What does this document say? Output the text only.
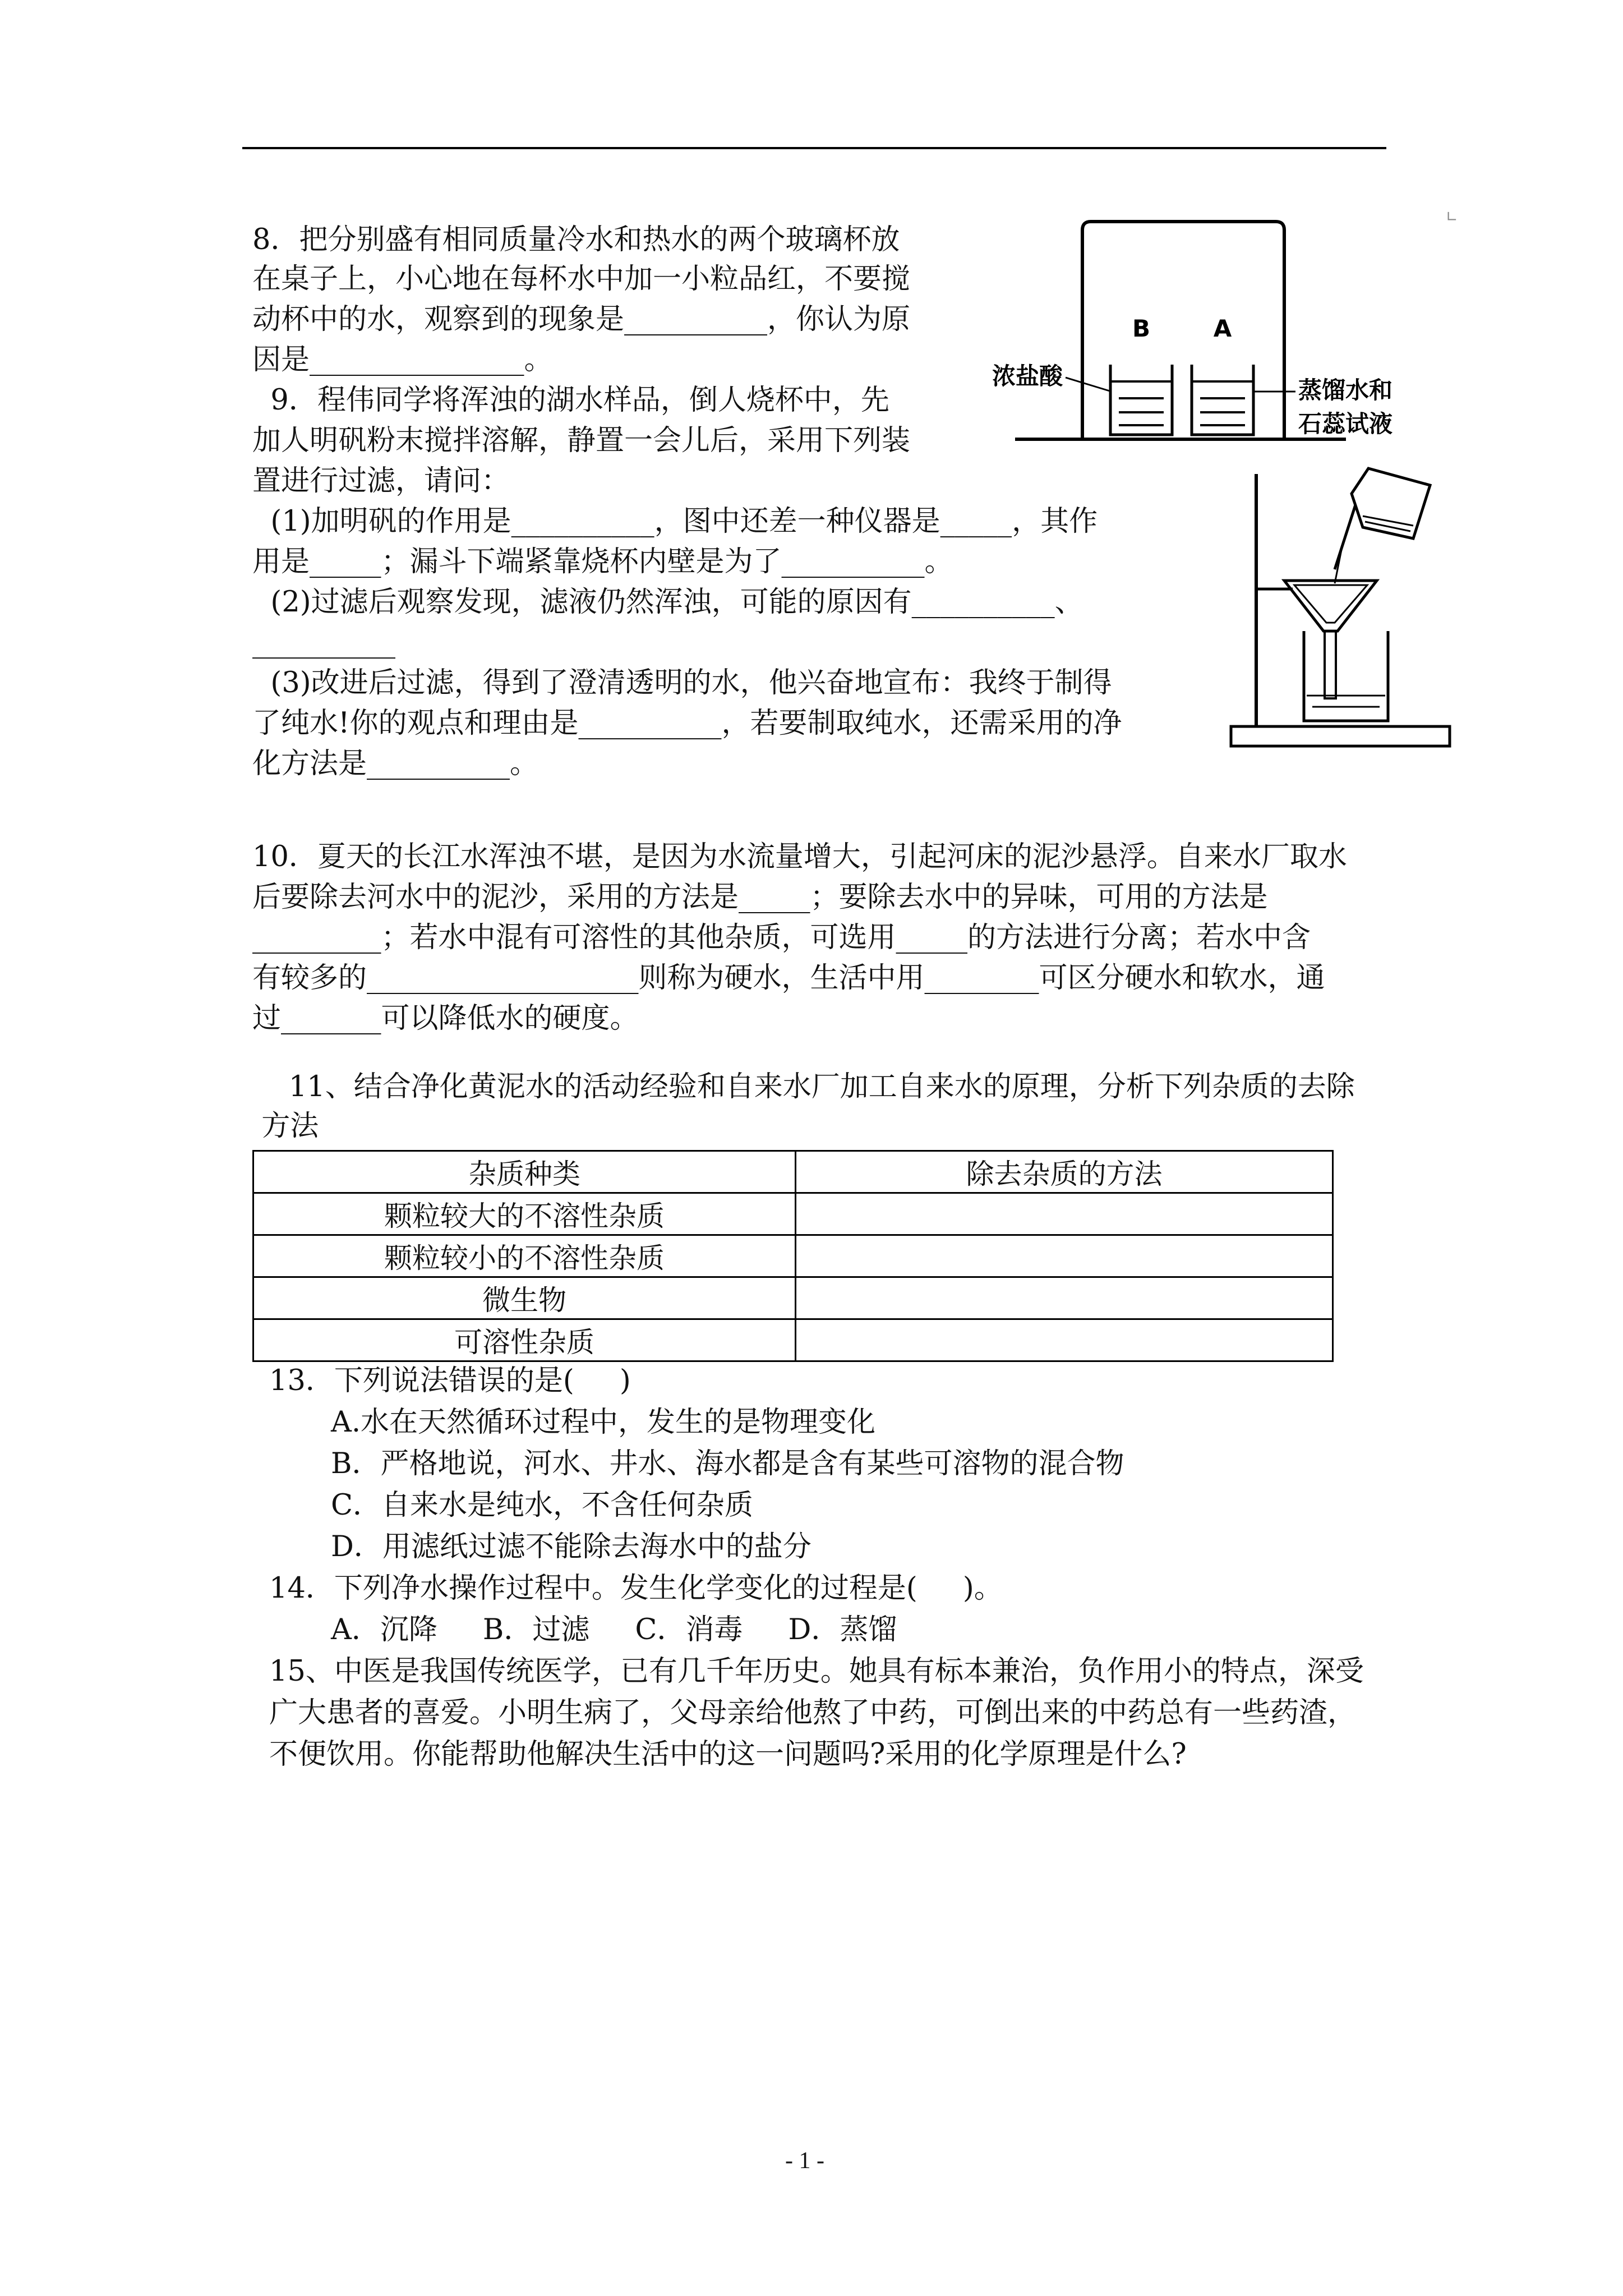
∟
8．把分别盛有相同质量冷水和热水的两个玻璃杯放
在桌子上，小心地在每杯水中加一小粒品红，不要搅
动杯中的水，观察到的现象是__________，你认为原
因是_______________。
9．程伟同学将浑浊的湖水样品，倒人烧杯中，先
加人明矾粉末搅拌溶解，静置一会儿后，采用下列装
置进行过滤，请问：
(1)加明矾的作用是__________，图中还差一种仪器是_____，其作
用是_____；漏斗下端紧靠烧杯内壁是为了__________。
(2)过滤后观察发现，滤液仍然浑浊，可能的原因有__________、
__________
(3)改进后过滤，得到了澄清透明的水，他兴奋地宣布：我终于制得
了纯水!你的观点和理由是__________，若要制取纯水，还需采用的净
化方法是__________。
B	A
浓盐酸
蒸馏水和
石蕊试液
10．夏天的长江水浑浊不堪，是因为水流量增大，引起河床的泥沙悬浮。自来水厂取水
后要除去河水中的泥沙，采用的方法是_____；要除去水中的异味，可用的方法是
_________；若水中混有可溶性的其他杂质，可选用_____的方法进行分离；若水中含
有较多的___________________则称为硬水，生活中用________可区分硬水和软水，通
过_______可以降低水的硬度。
11、结合净化黄泥水的活动经验和自来水厂加工自来水的原理，分析下列杂质的去除
方法
杂质种类	除去杂质的方法
颗粒较大的不溶性杂质	
颗粒较小的不溶性杂质	
微生物	
可溶性杂质	
13．下列说法错误的是(     )
A.水在天然循环过程中，发生的是物理变化
B．严格地说，河水、井水、海水都是含有某些可溶物的混合物
C．自来水是纯水，不含任何杂质
D．用滤纸过滤不能除去海水中的盐分
14．下列净水操作过程中。发生化学变化的过程是(     )。
A．沉降     B．过滤     C．消毒     D．蒸馏
15、中医是我国传统医学，已有几千年历史。她具有标本兼治，负作用小的特点，深受
广大患者的喜爱。小明生病了，父母亲给他熬了中药，可倒出来的中药总有一些药渣，
不便饮用。你能帮助他解决生活中的这一问题吗?采用的化学原理是什么?
- 1 -
